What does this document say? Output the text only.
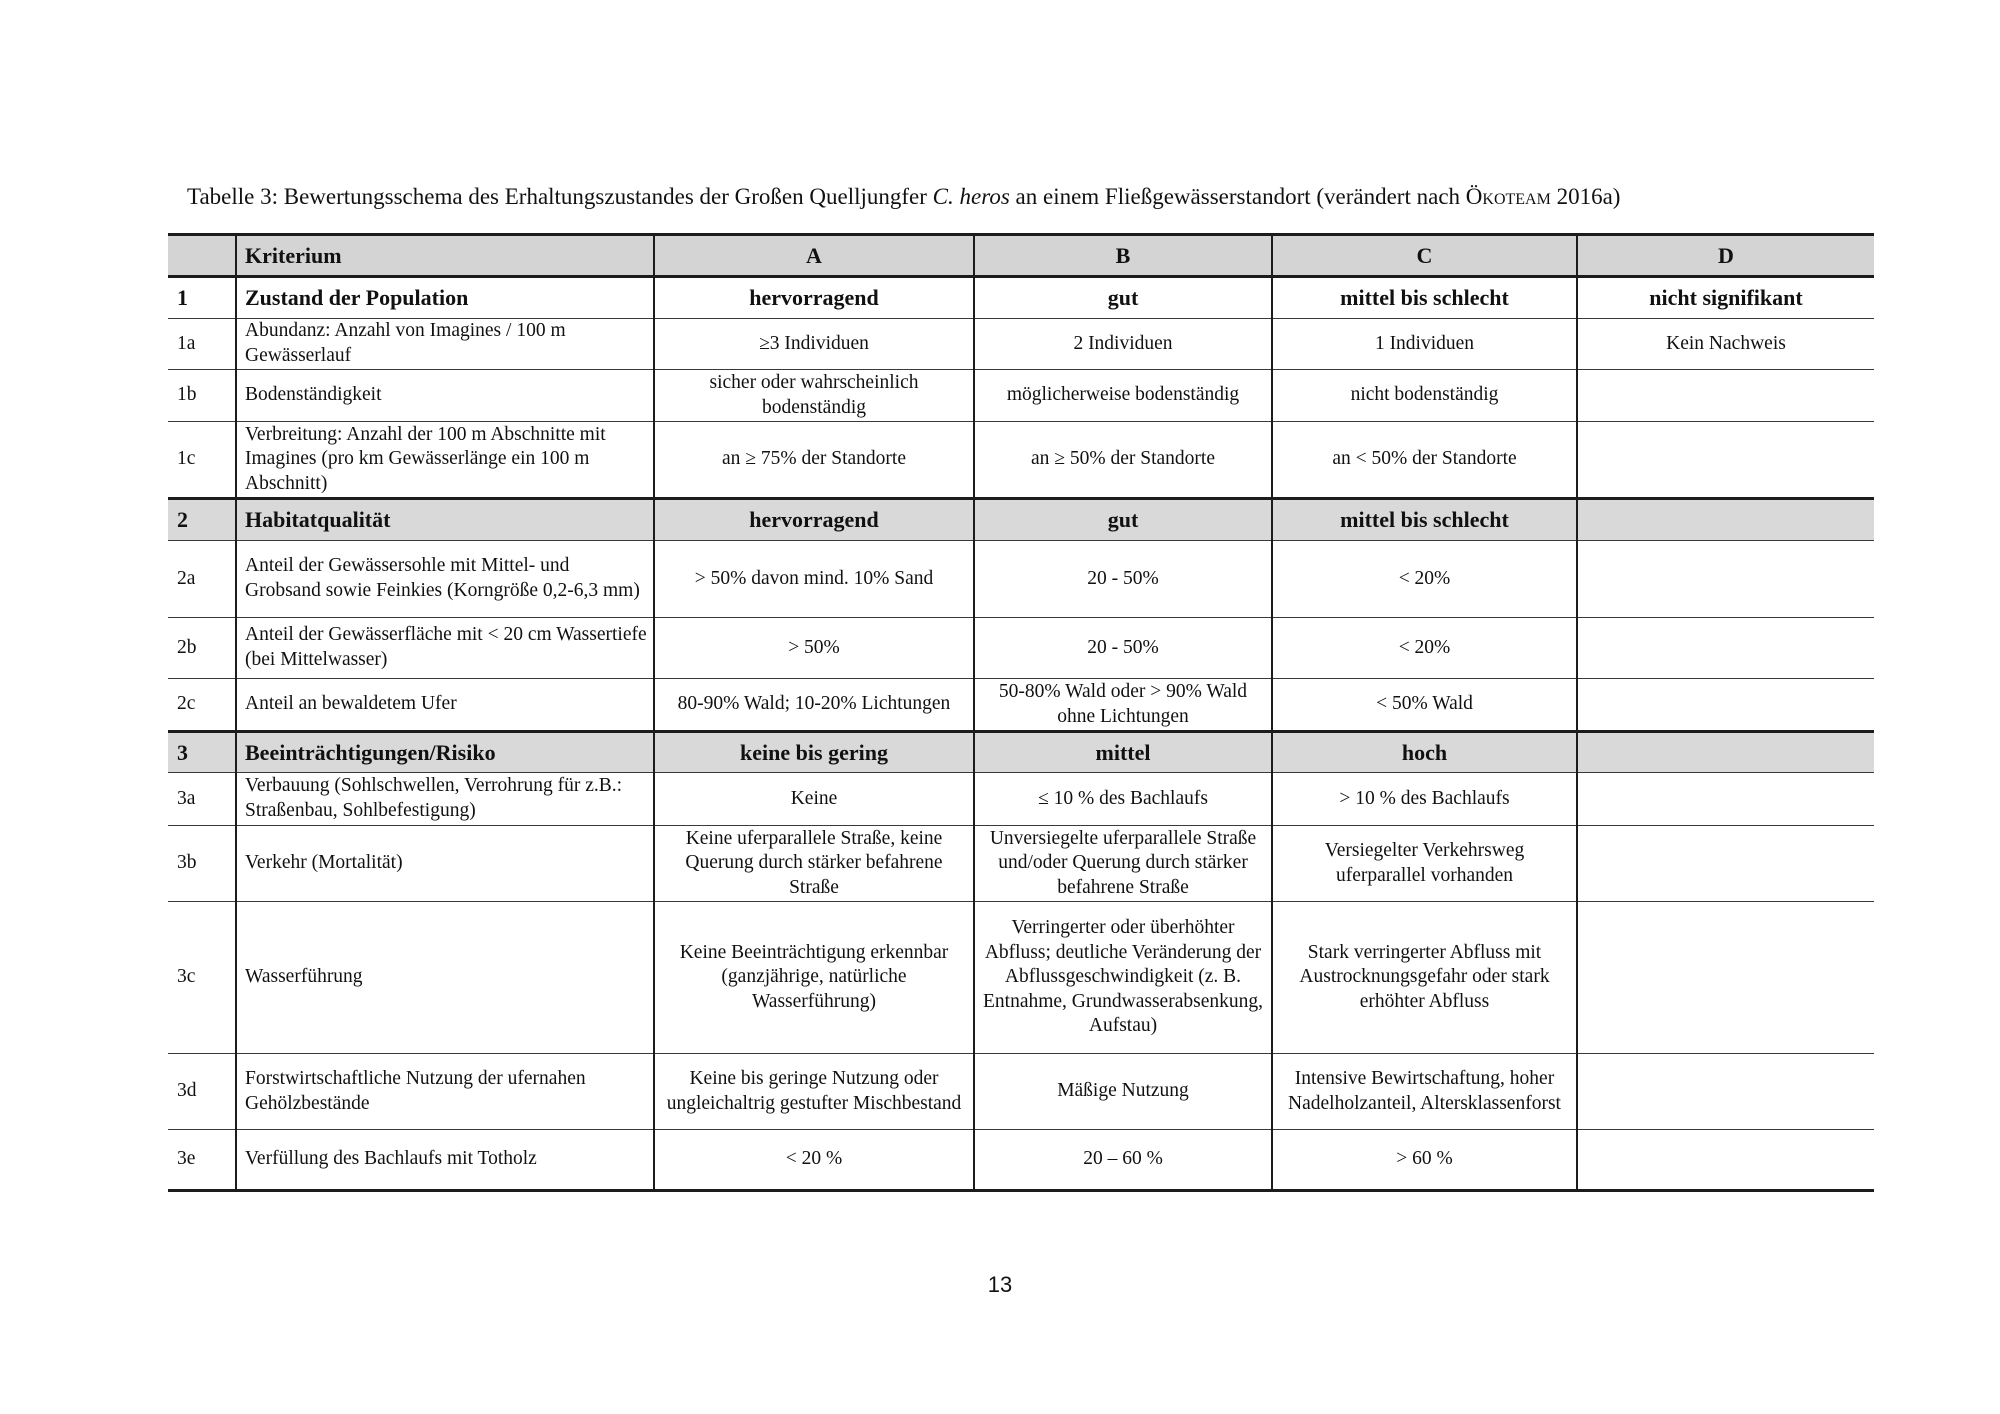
Tabelle 3: Bewertungsschema des Erhaltungszustandes der Großen Quelljungfer C. heros an einem Fließgewässerstandort (verändert nach Ökoteam 2016a)
	Kriterium	A	B	C	D
1	Zustand der Population	hervorragend	gut	mittel bis schlecht	nicht signifikant
1a	Abundanz: Anzahl von Imagines / 100 m Gewässerlauf	≥3 Individuen	2 Individuen	1 Individuen	Kein Nachweis
1b	Bodenständigkeit	sicher oder wahrscheinlich bodenständig	möglicherweise bodenständig	nicht bodenständig	
1c	Verbreitung: Anzahl der 100 m Abschnitte mit Imagines (pro km Gewässerlänge ein 100 m Abschnitt)	an ≥ 75% der Standorte	an ≥ 50% der Standorte	an < 50% der Standorte	
2	Habitatqualität	hervorragend	gut	mittel bis schlecht	
2a	Anteil der Gewässersohle mit Mittel- und Grobsand sowie Feinkies (Korngröße 0,2-6,3 mm)	> 50% davon mind. 10% Sand	20 - 50%	< 20%	
2b	Anteil der Gewässerfläche mit < 20 cm Wassertiefe (bei Mittelwasser)	> 50%	20 - 50%	< 20%	
2c	Anteil an bewaldetem Ufer	80-90% Wald; 10-20% Lichtungen	50-80% Wald oder > 90% Wald ohne Lichtungen	< 50% Wald	
3	Beeinträchtigungen/Risiko	keine bis gering	mittel	hoch	
3a	Verbauung (Sohlschwellen, Verrohrung für z.B.: Straßenbau, Sohlbefestigung)	Keine	≤ 10 % des Bachlaufs	> 10 % des Bachlaufs	
3b	Verkehr (Mortalität)	Keine uferparallele Straße, keine Querung durch stärker befahrene Straße	Unversiegelte uferparallele Straße und/oder Querung durch stärker befahrene Straße	Versiegelter Verkehrsweg uferparallel vorhanden	
3c	Wasserführung	Keine Beeinträchtigung erkennbar (ganzjährige, natürliche Wasserführung)	Verringerter oder überhöhter Abfluss; deutliche Veränderung der Abflussgeschwindigkeit (z. B. Entnahme, Grundwasserabsenkung, Aufstau)	Stark verringerter Abfluss mit Austrocknungsgefahr oder stark erhöhter Abfluss	
3d	Forstwirtschaftliche Nutzung der ufernahen Gehölzbestände	Keine bis geringe Nutzung oder ungleichaltrig gestufter Mischbestand	Mäßige Nutzung	Intensive Bewirtschaftung, hoher Nadelholzanteil, Altersklassenforst	
3e	Verfüllung des Bachlaufs mit Totholz	< 20 %	20 – 60 %	> 60 %	
13
